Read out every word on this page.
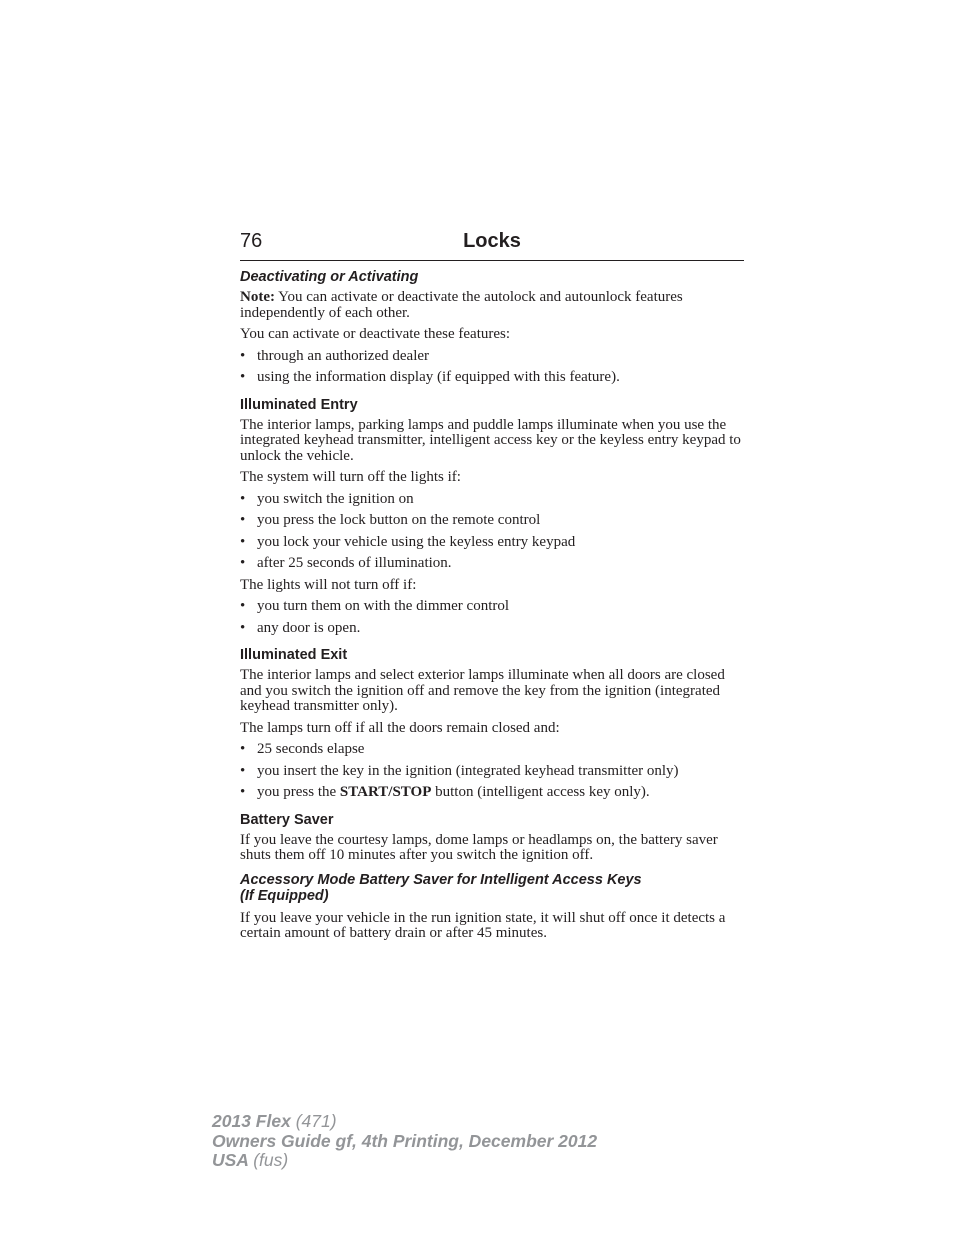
76	Locks
Deactivating or Activating
Note: You can activate or deactivate the autolock and autounlock features independently of each other.
You can activate or deactivate these features:
• through an authorized dealer
• using the information display (if equipped with this feature).
Illuminated Entry
The interior lamps, parking lamps and puddle lamps illuminate when you use the integrated keyhead transmitter, intelligent access key or the keyless entry keypad to unlock the vehicle.
The system will turn off the lights if:
• you switch the ignition on
• you press the lock button on the remote control
• you lock your vehicle using the keyless entry keypad
• after 25 seconds of illumination.
The lights will not turn off if:
• you turn them on with the dimmer control
• any door is open.
Illuminated Exit
The interior lamps and select exterior lamps illuminate when all doors are closed and you switch the ignition off and remove the key from the ignition (integrated keyhead transmitter only).
The lamps turn off if all the doors remain closed and:
• 25 seconds elapse
• you insert the key in the ignition (integrated keyhead transmitter only)
• you press the START/STOP button (intelligent access key only).
Battery Saver
If you leave the courtesy lamps, dome lamps or headlamps on, the battery saver shuts them off 10 minutes after you switch the ignition off.
Accessory Mode Battery Saver for Intelligent Access Keys
(If Equipped)
If you leave your vehicle in the run ignition state, it will shut off once it detects a certain amount of battery drain or after 45 minutes.
2013 Flex (471)
Owners Guide gf, 4th Printing, December 2012
USA (fus)
